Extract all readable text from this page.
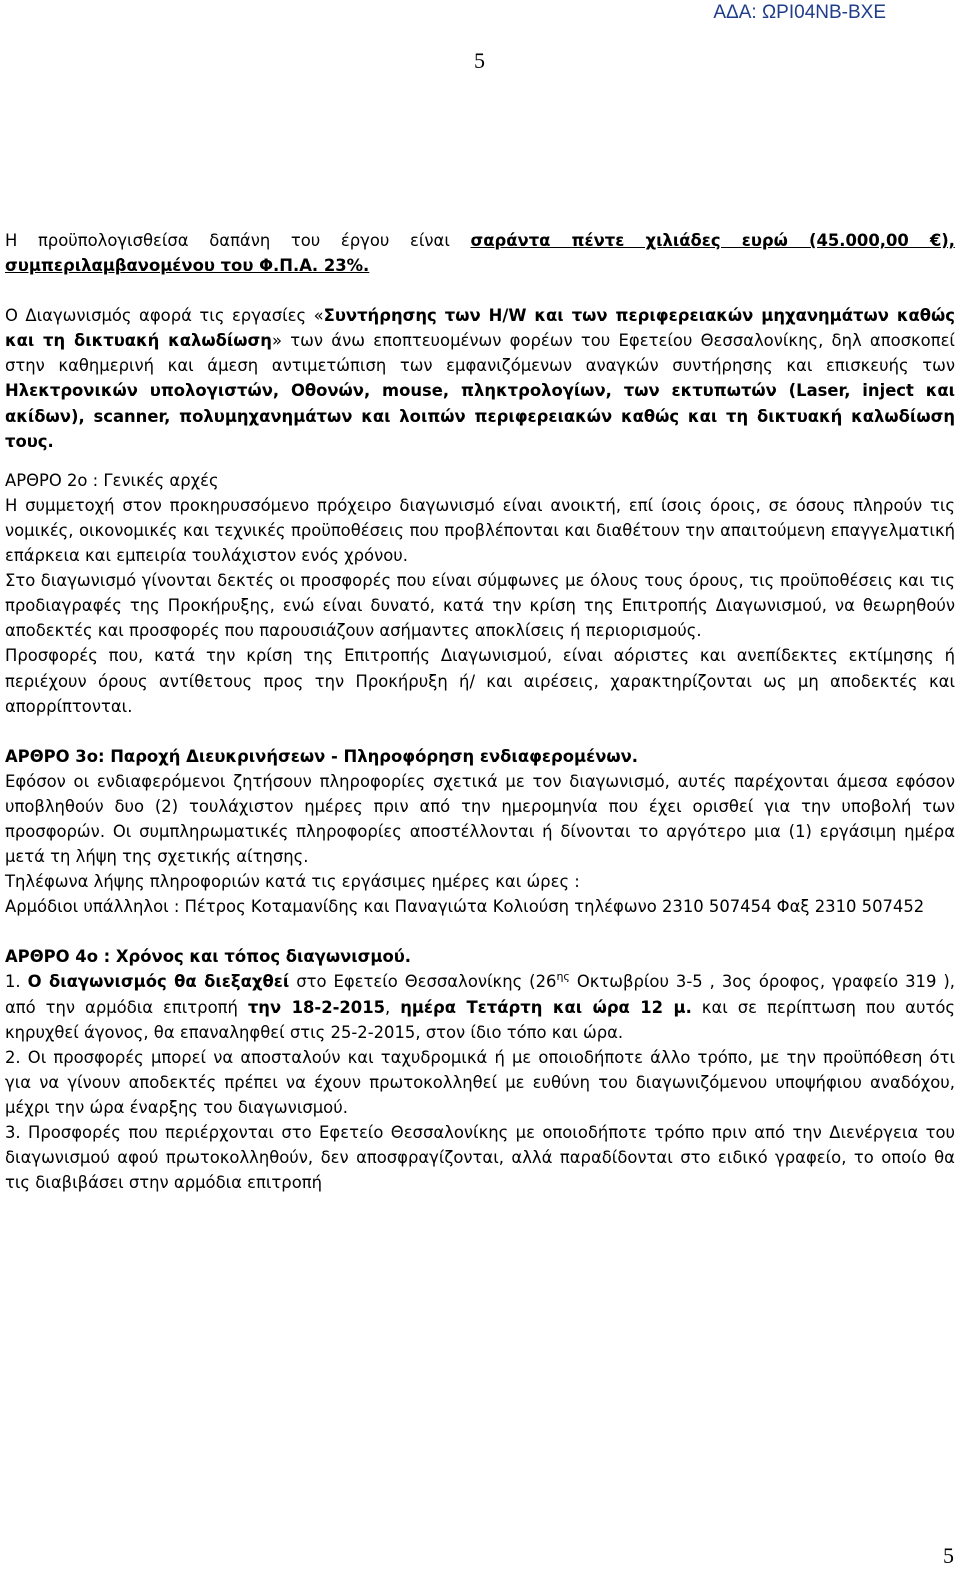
ΑΔΑ: ΩΡΙ04ΝΒ-ΒΧΕ
5

Η προϋπολογισθείσα δαπάνη του έργου είναι σαράντα πέντε χιλιάδες ευρώ (45.000,00 €), συμπεριλαμβανομένου του Φ.Π.Α. 23%.

Ο Διαγωνισμός αφορά τις εργασίες «Συντήρησης των H/W και των περιφερειακών μηχανημάτων καθώς και τη δικτυακή καλωδίωση» των άνω εποπτευομένων φορέων του Εφετείου Θεσσαλονίκης, δηλ αποσκοπεί στην καθημερινή και άμεση αντιμετώπιση των εμφανιζόμενων αναγκών συντήρησης και επισκευής των Ηλεκτρονικών υπολογιστών, Οθονών, mouse, πληκτρολογίων, των εκτυπωτών (Laser, inject και ακίδων), scanner, πολυμηχανημάτων και λοιπών περιφερειακών καθώς και τη δικτυακή καλωδίωση τους.

ΑΡΘΡΟ 2ο : Γενικές αρχές

Η συμμετοχή στον προκηρυσσόμενο πρόχειρο διαγωνισμό είναι ανοικτή, επί ίσοις όροις, σε όσους πληρούν τις νομικές, οικονομικές και τεχνικές προϋποθέσεις που προβλέπονται και διαθέτουν την απαιτούμενη επαγγελματική επάρκεια και εμπειρία τουλάχιστον ενός χρόνου.

Στο διαγωνισμό γίνονται δεκτές οι προσφορές που είναι σύμφωνες με όλους τους όρους, τις προϋποθέσεις και τις προδιαγραφές της Προκήρυξης, ενώ είναι δυνατό, κατά την κρίση της Επιτροπής Διαγωνισμού, να θεωρηθούν αποδεκτές και προσφορές που παρουσιάζουν ασήμαντες αποκλίσεις ή περιορισμούς.

Προσφορές που, κατά την κρίση της Επιτροπής Διαγωνισμού, είναι αόριστες και ανεπίδεκτες εκτίμησης ή περιέχουν όρους αντίθετους προς την Προκήρυξη ή/ και αιρέσεις, χαρακτηρίζονται ως μη αποδεκτές και απορρίπτονται.

ΑΡΘΡΟ 3ο: Παροχή Διευκρινήσεων - Πληροφόρηση ενδιαφερομένων.

Εφόσον οι ενδιαφερόμενοι ζητήσουν πληροφορίες σχετικά με τον διαγωνισμό, αυτές παρέχονται άμεσα εφόσον υποβληθούν δυο (2) τουλάχιστον ημέρες πριν από την ημερομηνία που έχει ορισθεί για την υποβολή των προσφορών. Οι συμπληρωματικές πληροφορίες αποστέλλονται ή δίνονται το αργότερο μια (1) εργάσιμη ημέρα μετά τη λήψη της σχετικής αίτησης.

Τηλέφωνα λήψης πληροφοριών κατά τις εργάσιμες ημέρες και ώρες :

Αρμόδιοι υπάλληλοι : Πέτρος Κοταμανίδης και Παναγιώτα Κολιούση τηλέφωνο 2310 507454 Φαξ 2310 507452

ΑΡΘΡΟ 4ο : Χρόνος και τόπος διαγωνισμού.

1. Ο διαγωνισμός θα διεξαχθεί στο Εφετείο Θεσσαλονίκης ($26^{\eta\varsigma}$ Οκτωβρίου 3-5 , 3ος όροφος, γραφείο 319 ), από την αρμόδια επιτροπή την 18-2-2015, ημέρα Τετάρτη και ώρα 12 μ. και σε περίπτωση που αυτός κηρυχθεί άγονος, θα επαναληφθεί στις 25-2-2015, στον ίδιο τόπο και ώρα.

2. Οι προσφορές μπορεί να αποσταλούν και ταχυδρομικά ή με οποιοδήποτε άλλο τρόπο, με την προϋπόθεση ότι για να γίνουν αποδεκτές πρέπει να έχουν πρωτοκολληθεί με ευθύνη του διαγωνιζόμενου υποψήφιου αναδόχου, μέχρι την ώρα έναρξης του διαγωνισμού.

3. Προσφορές που περιέρχονται στο Εφετείο Θεσσαλονίκης με οποιοδήποτε τρόπο πριν από την Διενέργεια του διαγωνισμού αφού πρωτοκολληθούν, δεν αποσφραγίζονται, αλλά παραδίδονται στο ειδικό γραφείο, το οποίο θα τις διαβιβάσει στην αρμόδια επιτροπή

5
